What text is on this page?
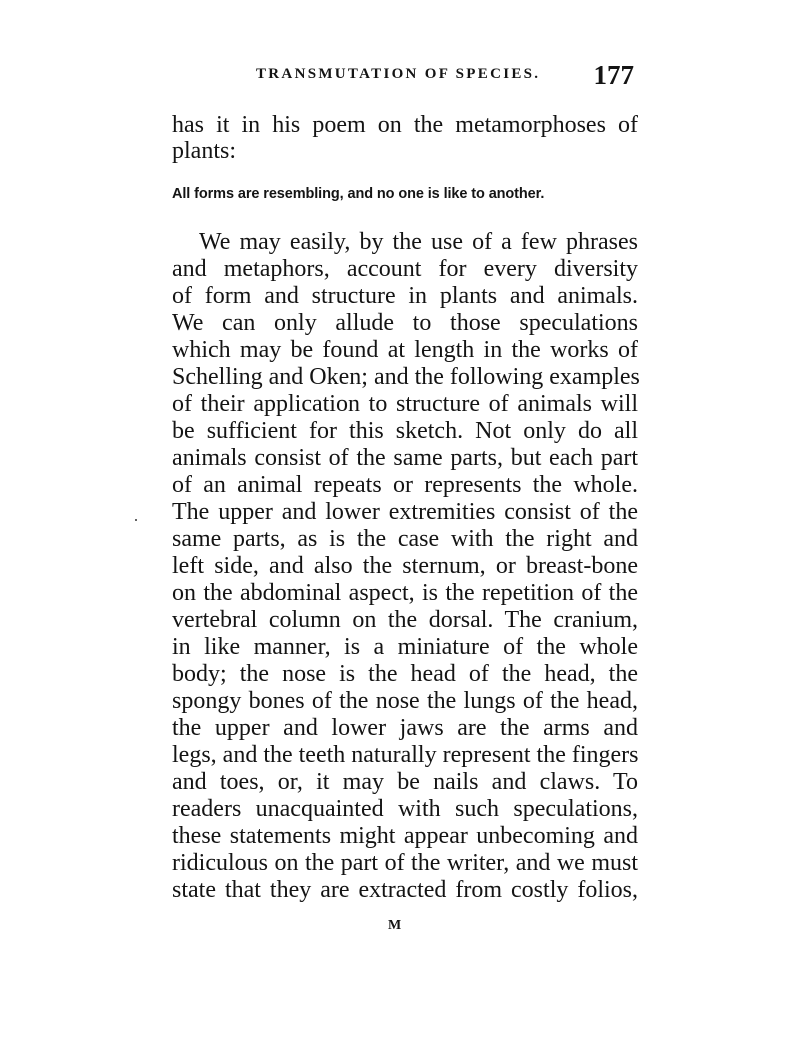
TRANSMUTATION OF SPECIES. 177
has it in his poem on the metamorphoses of
plants:
All forms are resembling, and no one is like to another.
We may easily, by the use of a few phrases
and metaphors, account for every diversity
of form and structure in plants and animals.
We can only allude to those speculations
which may be found at length in the works of
Schelling and Oken; and the following examples
of their application to structure of animals will
be sufficient for this sketch. Not only do all
animals consist of the same parts, but each part
of an animal repeats or represents the whole.
The upper and lower extremities consist of the
same parts, as is the case with the right and
left side, and also the sternum, or breast-bone
on the abdominal aspect, is the repetition of the
vertebral column on the dorsal. The cranium,
in like manner, is a miniature of the whole
body; the nose is the head of the head, the
spongy bones of the nose the lungs of the head,
the upper and lower jaws are the arms and
legs, and the teeth naturally represent the fingers
and toes, or, it may be nails and claws. To
readers unacquainted with such speculations,
these statements might appear unbecoming and
ridiculous on the part of the writer, and we must
state that they are extracted from costly folios,
M
